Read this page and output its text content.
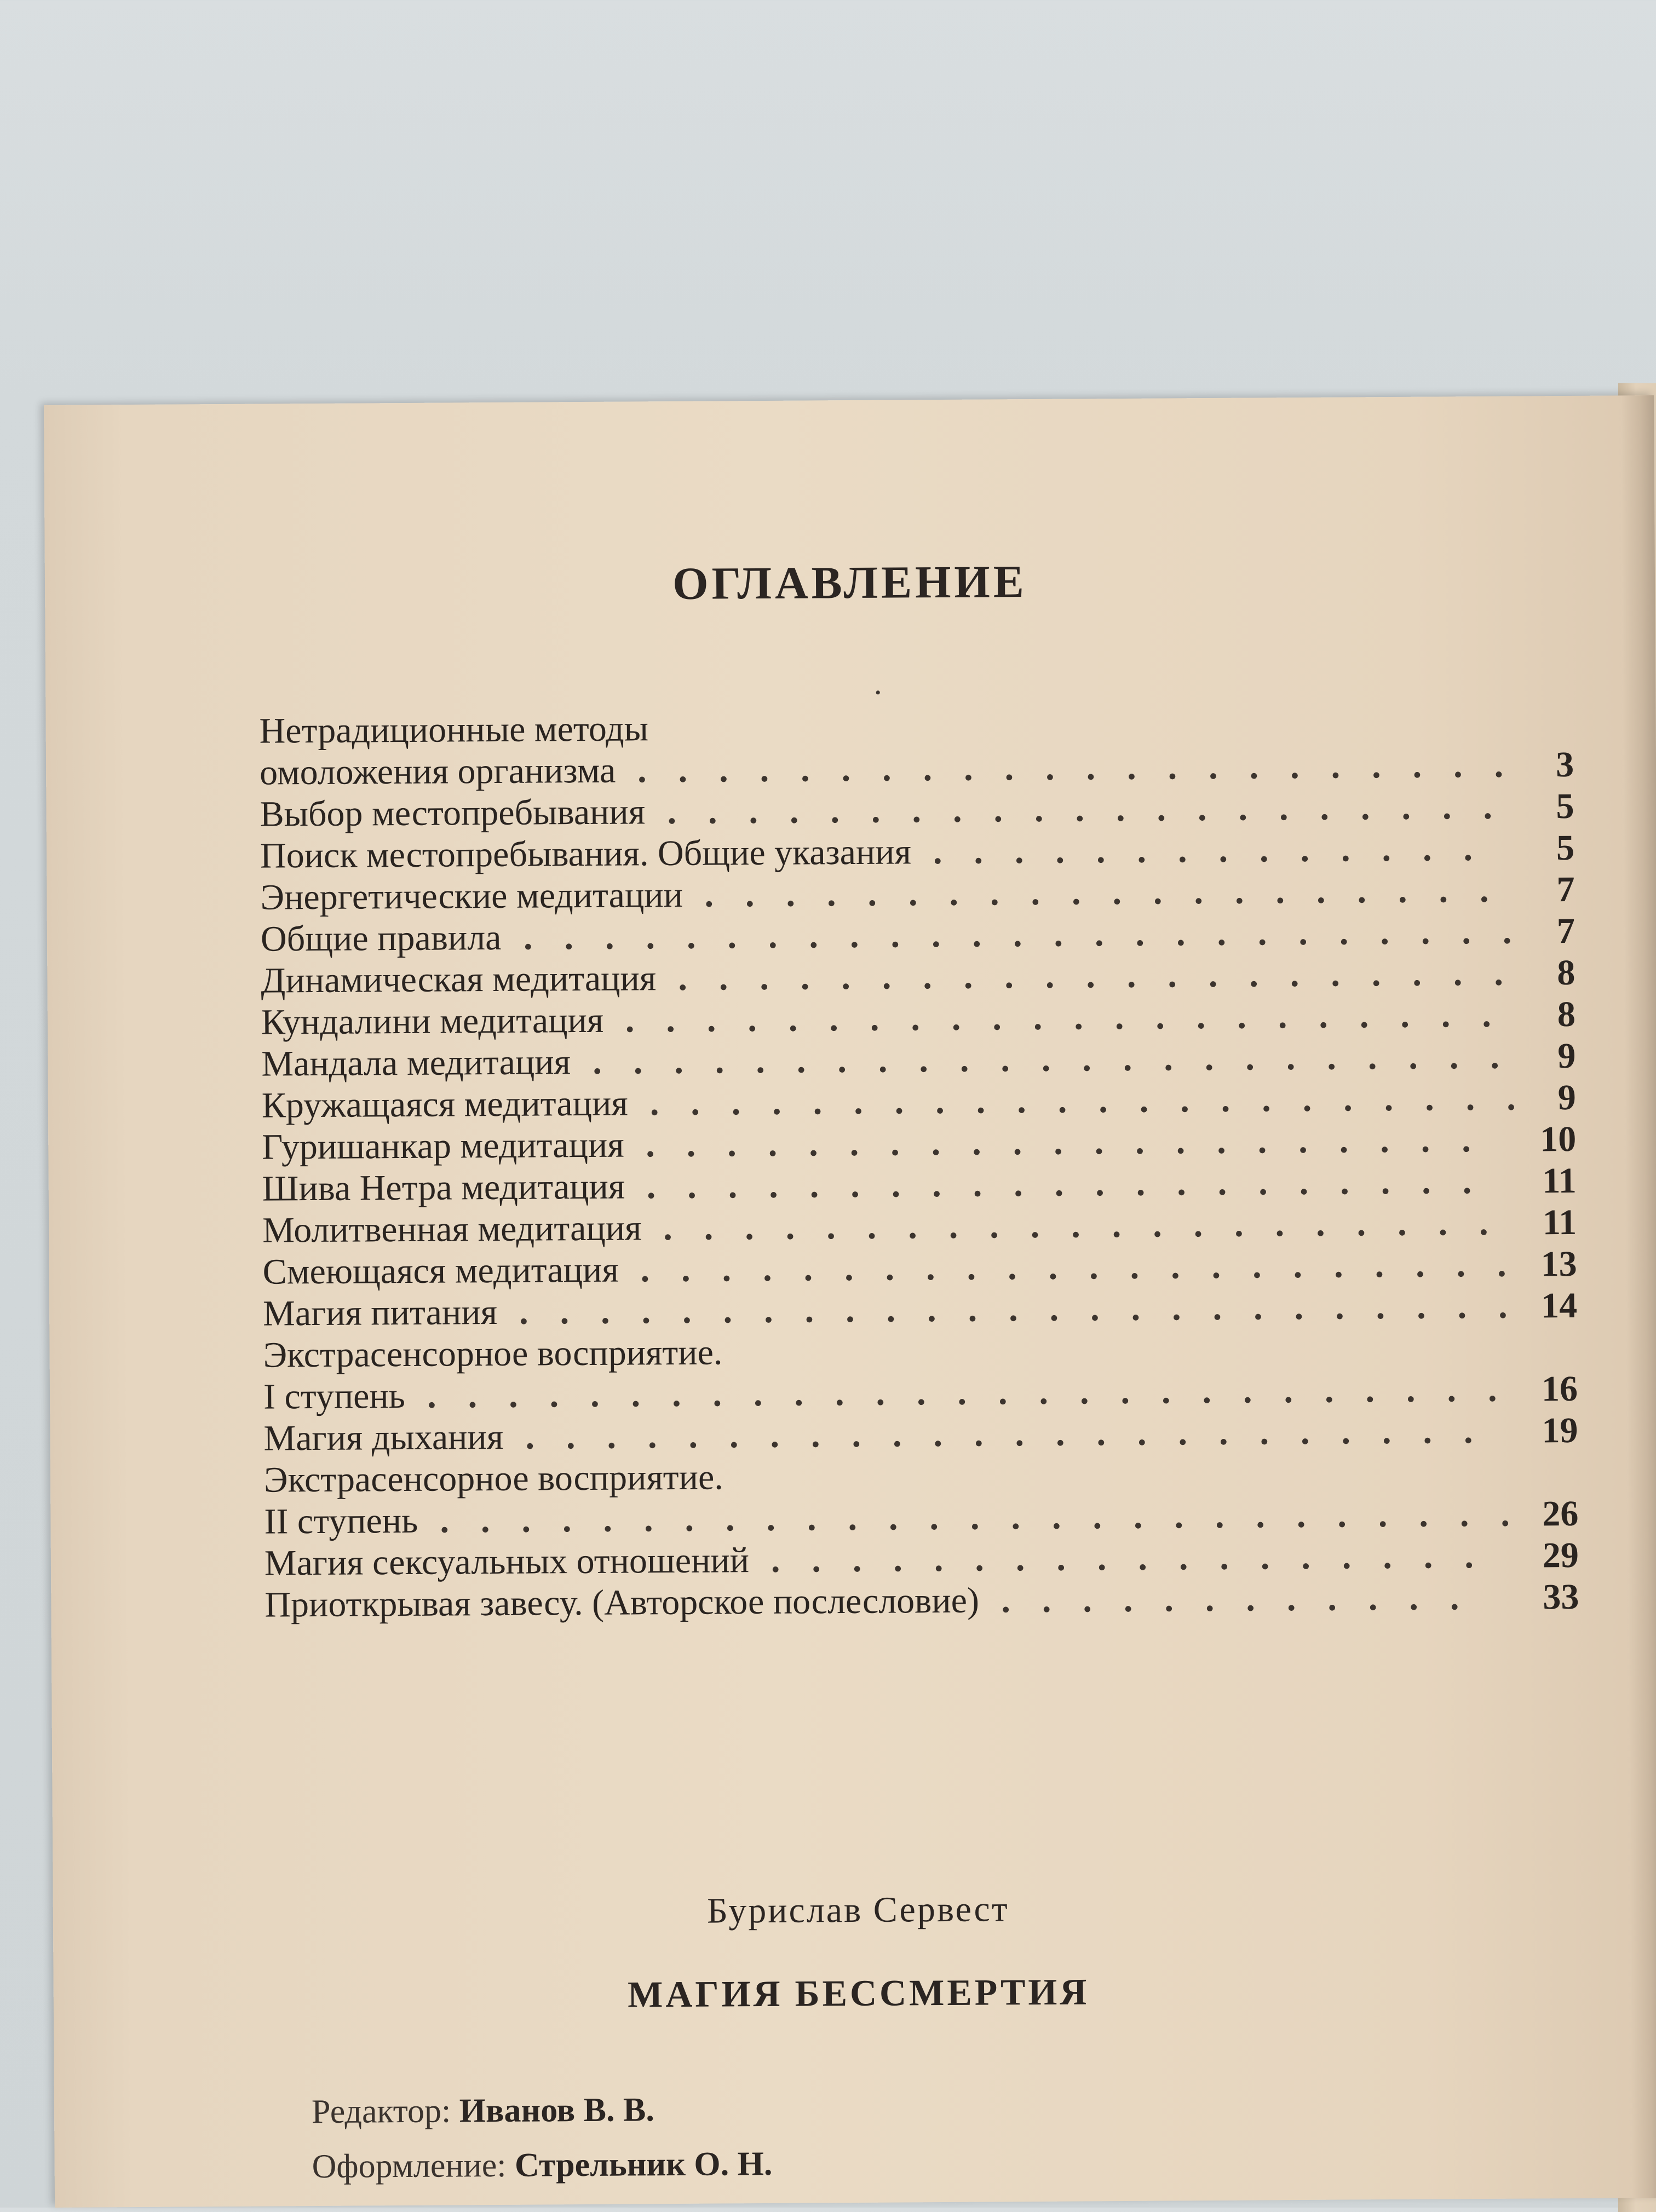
ОГЛАВЛЕНИЕ
·
Нетрадиционные методы
омоложения организма	3
......................
Выбор местопребывания	5
.....................
Поиск местопребывания. Общие указания	5
..............
Энергетические медитации	7
....................
Общие правила	7
.........................
Динамическая медитация	8
.....................
Кундалини медитация	8
......................
Мандала медитация	9
.......................
Кружащаяся медитация	9
......................
Гуришанкар медитация	10
.....................
Шива Нетра медитация	11
.....................
Молитвенная медитация	11
.....................
Смеющаяся медитация	13
......................
Магия питания	14
.........................
Экстрасенсорное восприятие.
I ступень	16
...........................
Магия дыхания	19
........................
Экстрасенсорное восприятие.
II ступень	26
...........................
Магия сексуальных отношений	29
..................
Приоткрывая завесу. (Авторское послесловие)	33
............
Бурислав Сервест
МАГИЯ БЕССМЕРТИЯ
Редактор: Иванов В. В.
Оформление: Стрельник О. Н.
